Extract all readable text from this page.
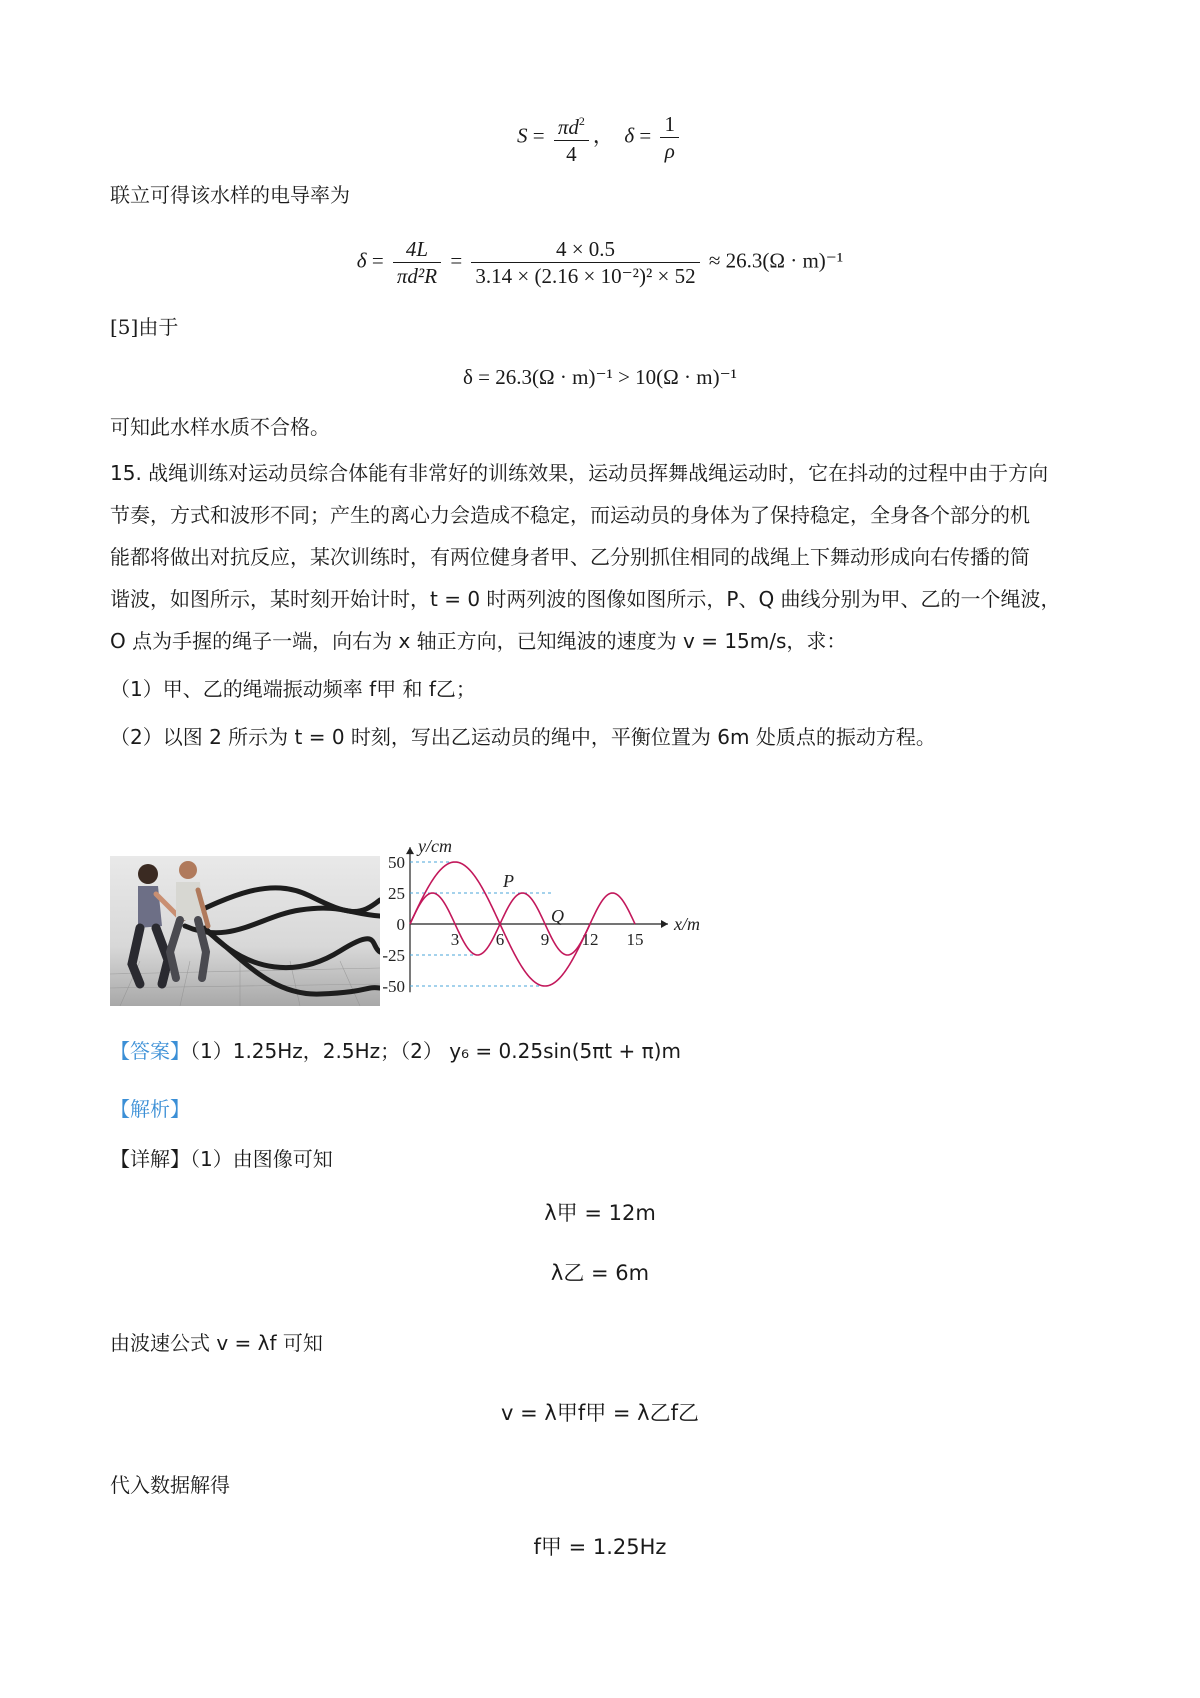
$S = \frac{\pi d^2}{4}$ ， $\delta = \frac{1}{\rho}$
联立可得该水样的电导率为
$\delta = \frac{4L}{\text{πd²R}} = \frac{4 \times 0.5}{\text{3.14 × (2.16 × 10⁻²)² × 52}} \approx 26.3(\Omega \cdot m)^{-1}$
[5]由于
δ = 26.3(Ω · m)⁻¹ > 10(Ω · m)⁻¹
可知此水样水质不合格。
15. 战绳训练对运动员综合体能有非常好的训练效果，运动员挥舞战绳运动时，它在抖动的过程中由于方向
节奏，方式和波形不同；产生的离心力会造成不稳定，而运动员的身体为了保持稳定，全身各个部分的机
能都将做出对抗反应，某次训练时，有两位健身者甲、乙分别抓住相同的战绳上下舞动形成向右传播的简
谐波，如图所示，某时刻开始计时，t = 0 时两列波的图像如图所示，P、Q 曲线分别为甲、乙的一个绳波，
O 点为手握的绳子一端，向右为 x 轴正方向，已知绳波的速度为 v = 15m/s，求：
（1）甲、乙的绳端振动频率 f甲 和 f乙；
（2）以图 2 所示为 t = 0 时刻，写出乙运动员的绳中，平衡位置为 6m 处质点的振动方程。
y/cm
x/m
50
25
0
-25
-50
3 6 9 12 15
P
Q
【答案】（1）1.25Hz，2.5Hz；（2） y₆ = 0.25sin(5πt + π)m
【解析】
【详解】（1）由图像可知
λ甲 = 12m
λ乙 = 6m
由波速公式 v = λf 可知
v = λ甲f甲 = λ乙f乙
代入数据解得
f甲 = 1.25Hz
